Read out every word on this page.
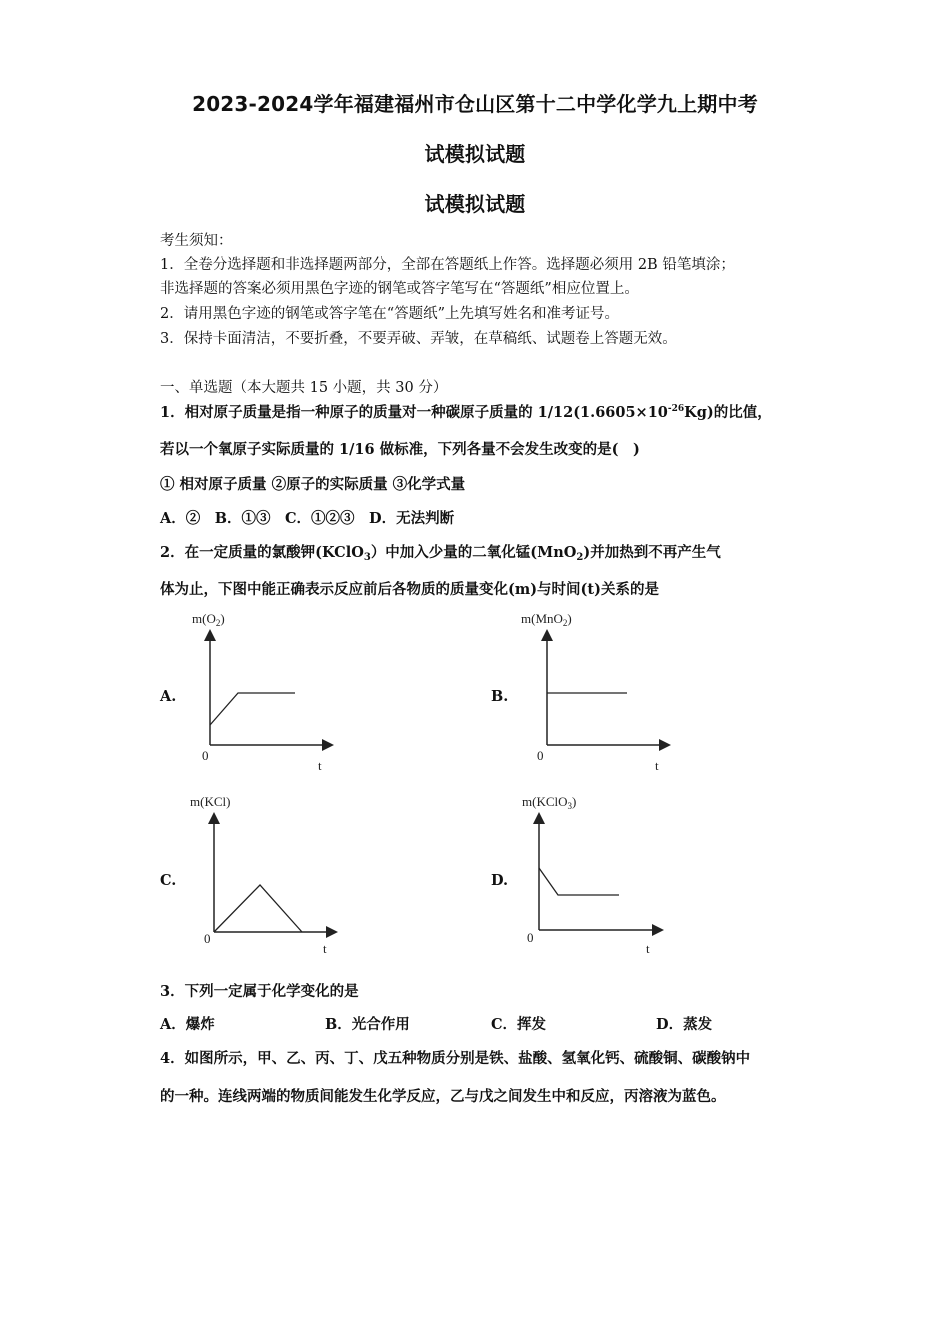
2023-2024学年福建福州市仓山区第十二中学化学九上期中考
试模拟试题
试模拟试题
考生须知：
1．全卷分选择题和非选择题两部分，全部在答题纸上作答。选择题必须用 2B 铅笔填涂；
非选择题的答案必须用黑色字迹的钢笔或答字笔写在“答题纸”相应位置上。
2．请用黑色字迹的钢笔或答字笔在“答题纸”上先填写姓名和准考证号。
3．保持卡面清洁，不要折叠，不要弄破、弄皱，在草稿纸、试题卷上答题无效。
一、单选题（本大题共 15 小题，共 30 分）
1．相对原子质量是指一种原子的质量对一种碳原子质量的 $1/12(1.6605\times 10^{-26}Kg)$的比值，
若以一个氧原子实际质量的 1/16 做标准，下列各量不会发生改变的是(　)
① 相对原子质量 ②原子的实际质量 ③化学式量
A．②　B．①③　C．①②③　D．无法判断
2．在一定质量的氯酸钾(KClO$_3$）中加入少量的二氧化锰(MnO$_2$)并加热到不再产生气
体为止，下图中能正确表示反应前后各物质的质量变化(m)与时间(t)关系的是
A.
$m(O_2)$
0
t
B.
m(MnO$_2$)
0
t
C.
m(KCl)
0
t
D.
m(KClO$_3$)
0
t
3．下列一定属于化学变化的是
A．爆炸	B．光合作用	C．挥发	D．蒸发
4．如图所示，甲、乙、丙、丁、戊五种物质分别是铁、盐酸、氢氧化钙、硫酸铜、碳酸钠中
的一种。连线两端的物质间能发生化学反应，乙与戊之间发生中和反应，丙溶液为蓝色。
